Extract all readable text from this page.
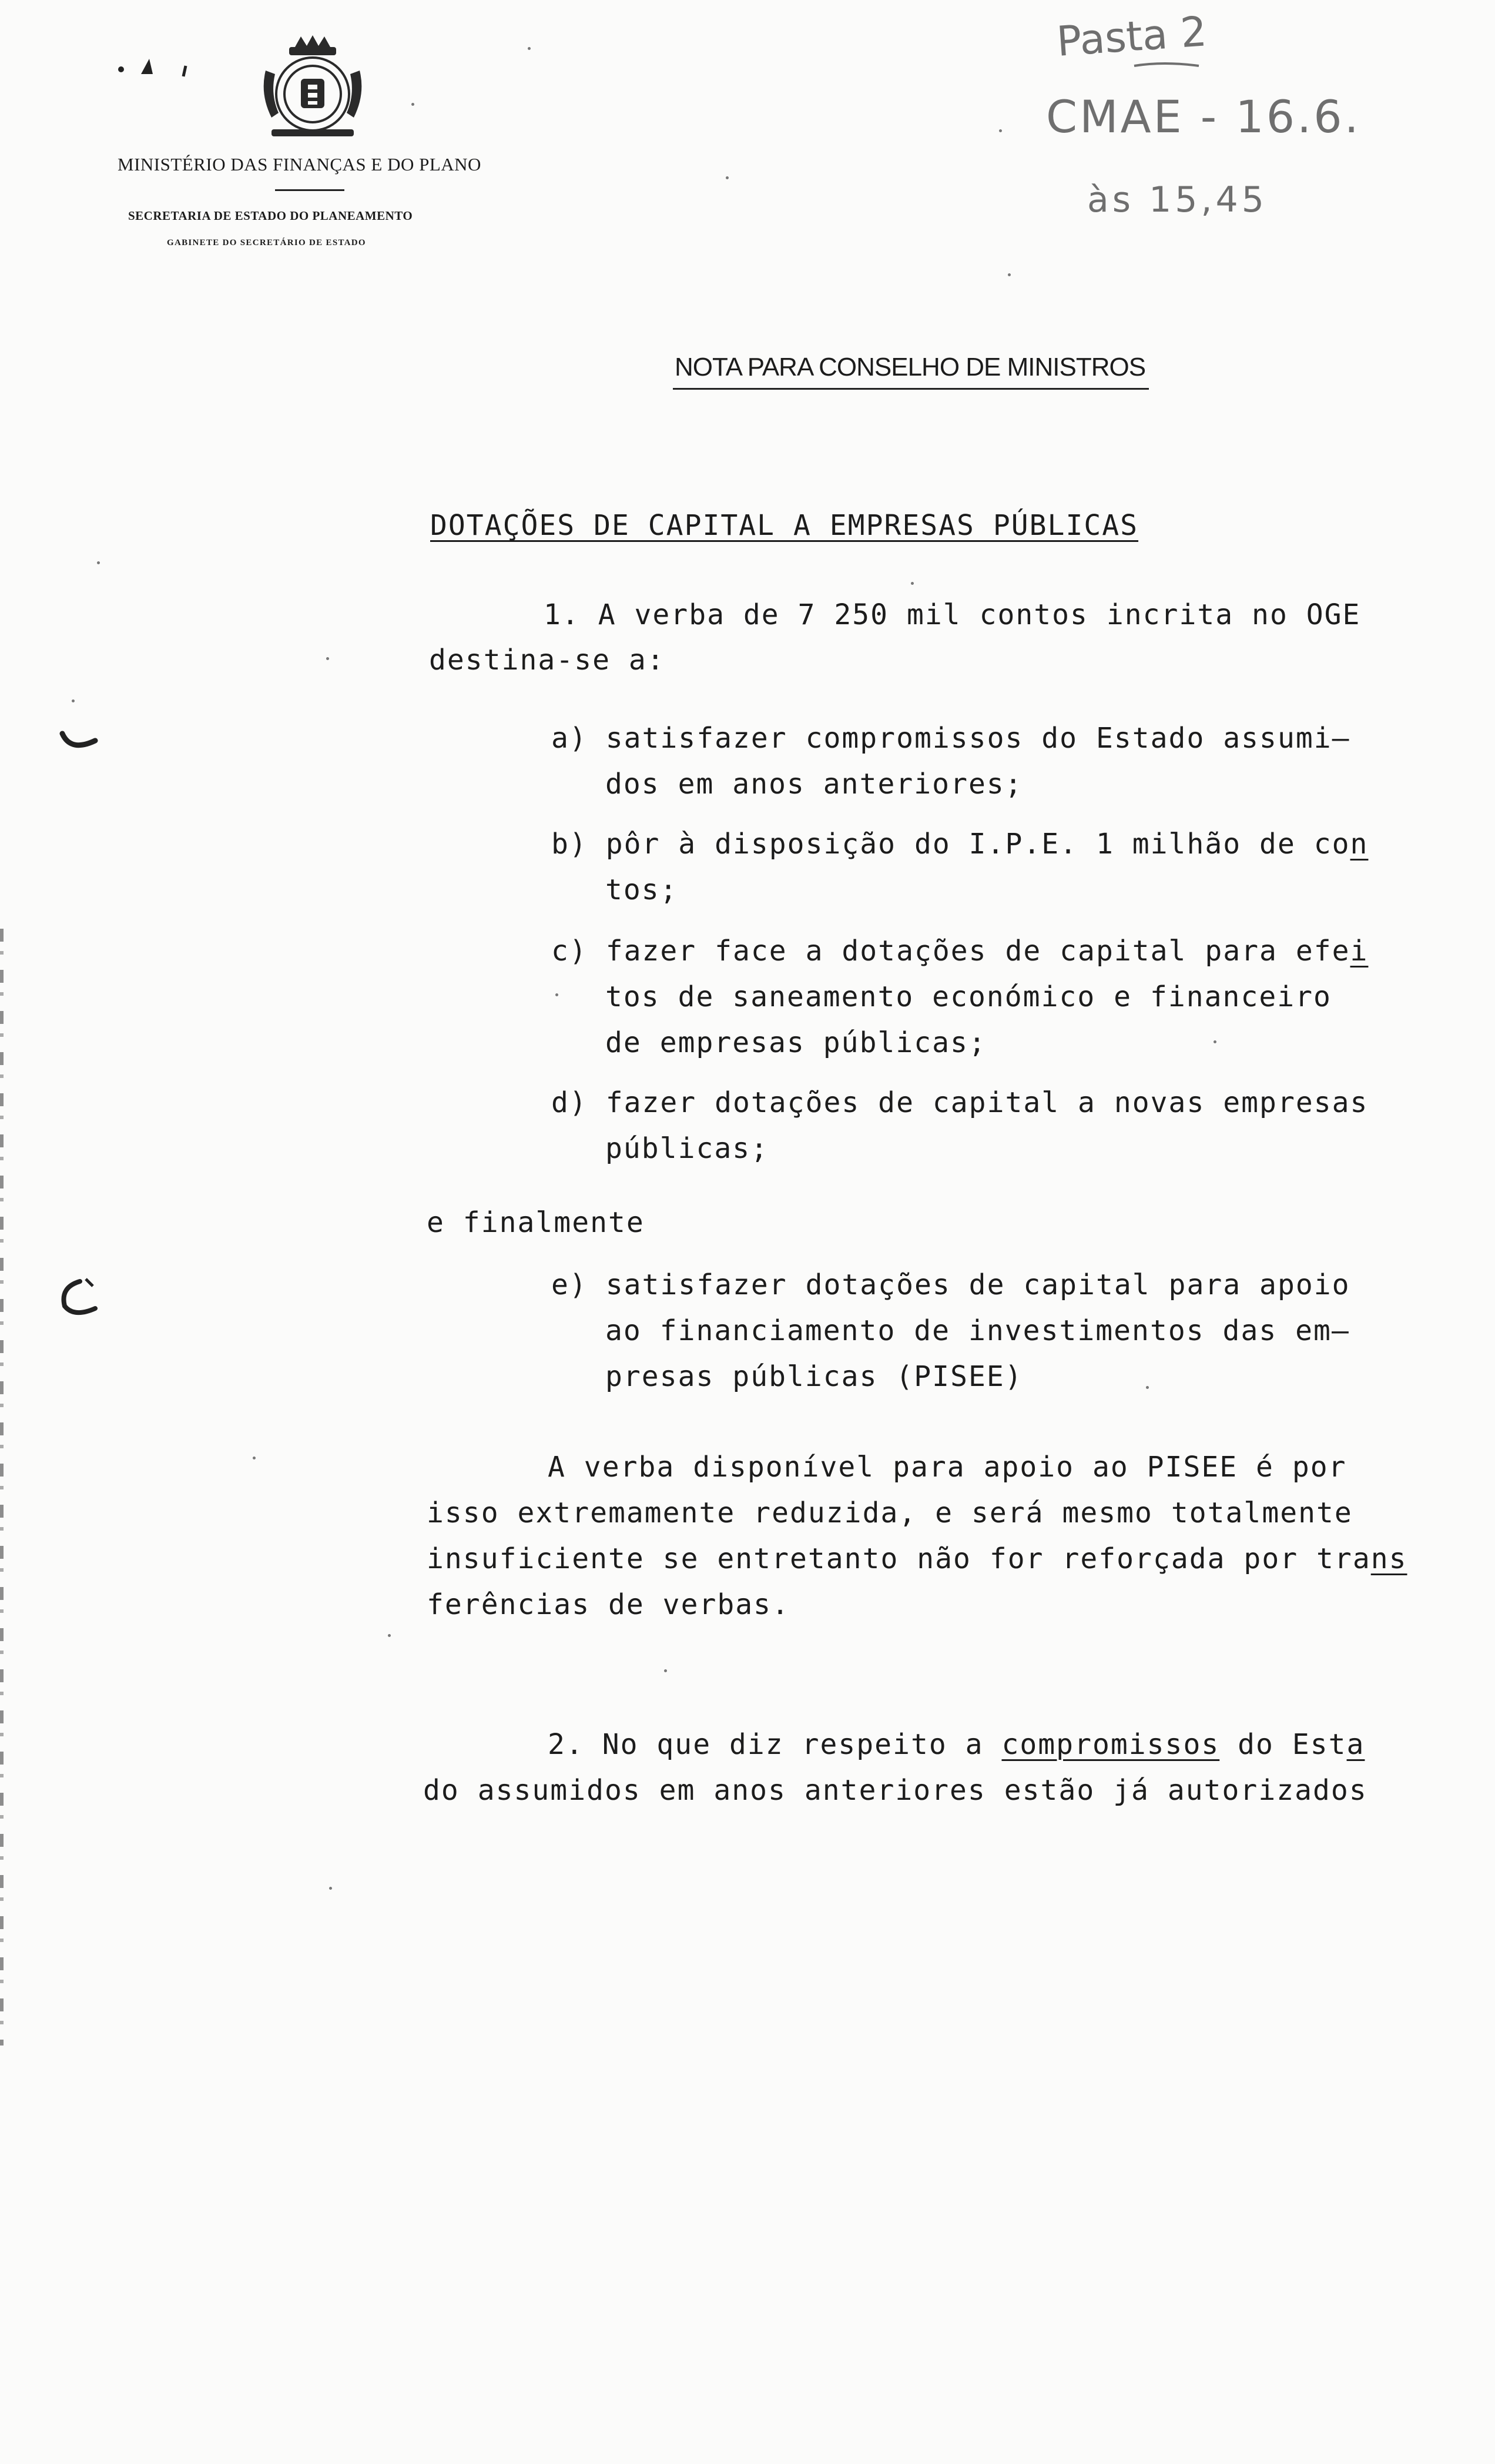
MINISTÉRIO DAS FINANÇAS E DO PLANO
SECRETARIA DE ESTADO DO PLANEAMENTO
GABINETE DO SECRETÁRIO DE ESTADO
Pasta 2
CMAE - 16.6.
às 15,45
NOTA PARA CONSELHO DE MINISTROS
DOTAÇÕES DE CAPITAL A EMPRESAS PÚBLICAS
1. A verba de 7 250 mil contos incrita no OGE
destina-se a:
a) satisfazer compromissos do Estado assumi—
dos em anos anteriores;
b) pôr à disposição do I.P.E. 1 milhão de con
tos;
c) fazer face a dotações de capital para efei
tos de saneamento económico e financeiro
de empresas públicas;
d) fazer dotações de capital a novas empresas
públicas;
e finalmente
e) satisfazer dotações de capital para apoio
ao financiamento de investimentos das em—
presas públicas (PISEE)
A verba disponível para apoio ao PISEE é por
isso extremamente reduzida, e será mesmo totalmente
insuficiente se entretanto não for reforçada por trans
ferências de verbas.
2. No que diz respeito a compromissos do Esta
do assumidos em anos anteriores estão já autorizados
